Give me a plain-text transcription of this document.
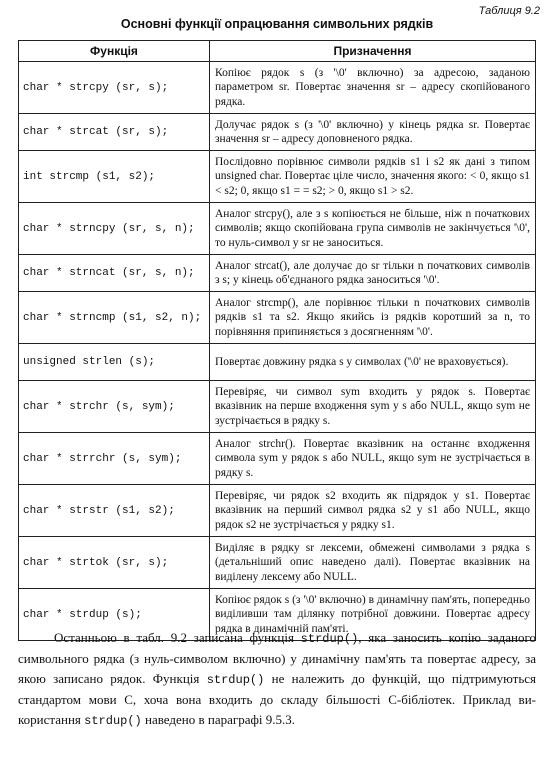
Таблиця 9.2
Основні функції опрацювання символьних рядків
Функція	Призначення
char * strcpy (sr, s);	Копіює рядок s (з '\0' включно) за адресою, заданою параметром sr. Повертає значення sr – адресу скопійованого рядка.
char * strcat (sr, s);	Долучає рядок s (з '\0' включно) у кінець рядка sr. Повертає значення sr – адресу доповненого рядка.
int strcmp (s1, s2);	Послідовно порівнює символи рядків s1 і s2 як дані з типом unsigned char. Повертає ціле число, значення якого: < 0, якщо s1 < s2; 0, якщо s1 = = s2; > 0, якщо s1 > s2.
char * strncpy (sr, s, n);	Аналог strcpy(), але з s копіюється не більше, ніж n початкових символів; якщо скопійована група символів не закінчується '\0', то нуль-символ у sr не заноситься.
char * strncat (sr, s, n);	Аналог strcat(), але долучає до sr тільки n початкових символів з s; у кінець об'єднаного рядка заноситься '\0'.
char * strncmp (s1, s2, n);	Аналог strcmp(), але порівнює тільки n початкових символів рядків s1 та s2. Якщо якийсь із рядків коротший за n, то порівняння припиняється з досягненням '\0'.
unsigned strlen (s);	Повертає довжину рядка s у символах ('\0' не враховується).
char * strchr (s, sym);	Перевіряє, чи символ sym входить у рядок s. Повертає вказівник на перше входження sym у s або NULL, якщо sym не зустрічається в рядку s.
char * strrchr (s, sym);	Аналог strchr(). Повертає вказівник на останнє входження символа sym у рядок s або NULL, якщо sym не зустрічається в рядку s.
char * strstr (s1, s2);	Перевіряє, чи рядок s2 входить як підрядок у s1. Повертає вказівник на перший символ рядка s2 у s1 або NULL, якщо рядок s2 не зустрічається у рядку s1.
char * strtok (sr, s);	Виділяє в рядку sr лексеми, обмежені символами з рядка s (детальніший опис наведено далі). Повертає вказівник на виділену лексему або NULL.
char * strdup (s);	Копіює рядок s (з '\0' включно) в динамічну пам'ять, попередньо виділивши там ділянку потрібної довжини. Повертає адресу рядка в динамічній пам'яті.
Останньою в табл. 9.2 записана функція strdup(), яка заносить копію заданого символьного рядка (з нуль-символом включно) у динамічну пам'ять та повертає адресу, за якою записано рядок. Функція strdup() не належить до функцій, що підтримуються стандартом мови С, хоча вона входить до складу більшості С-бібліотек. Приклад використання strdup() наведено в параграфі 9.5.3.
